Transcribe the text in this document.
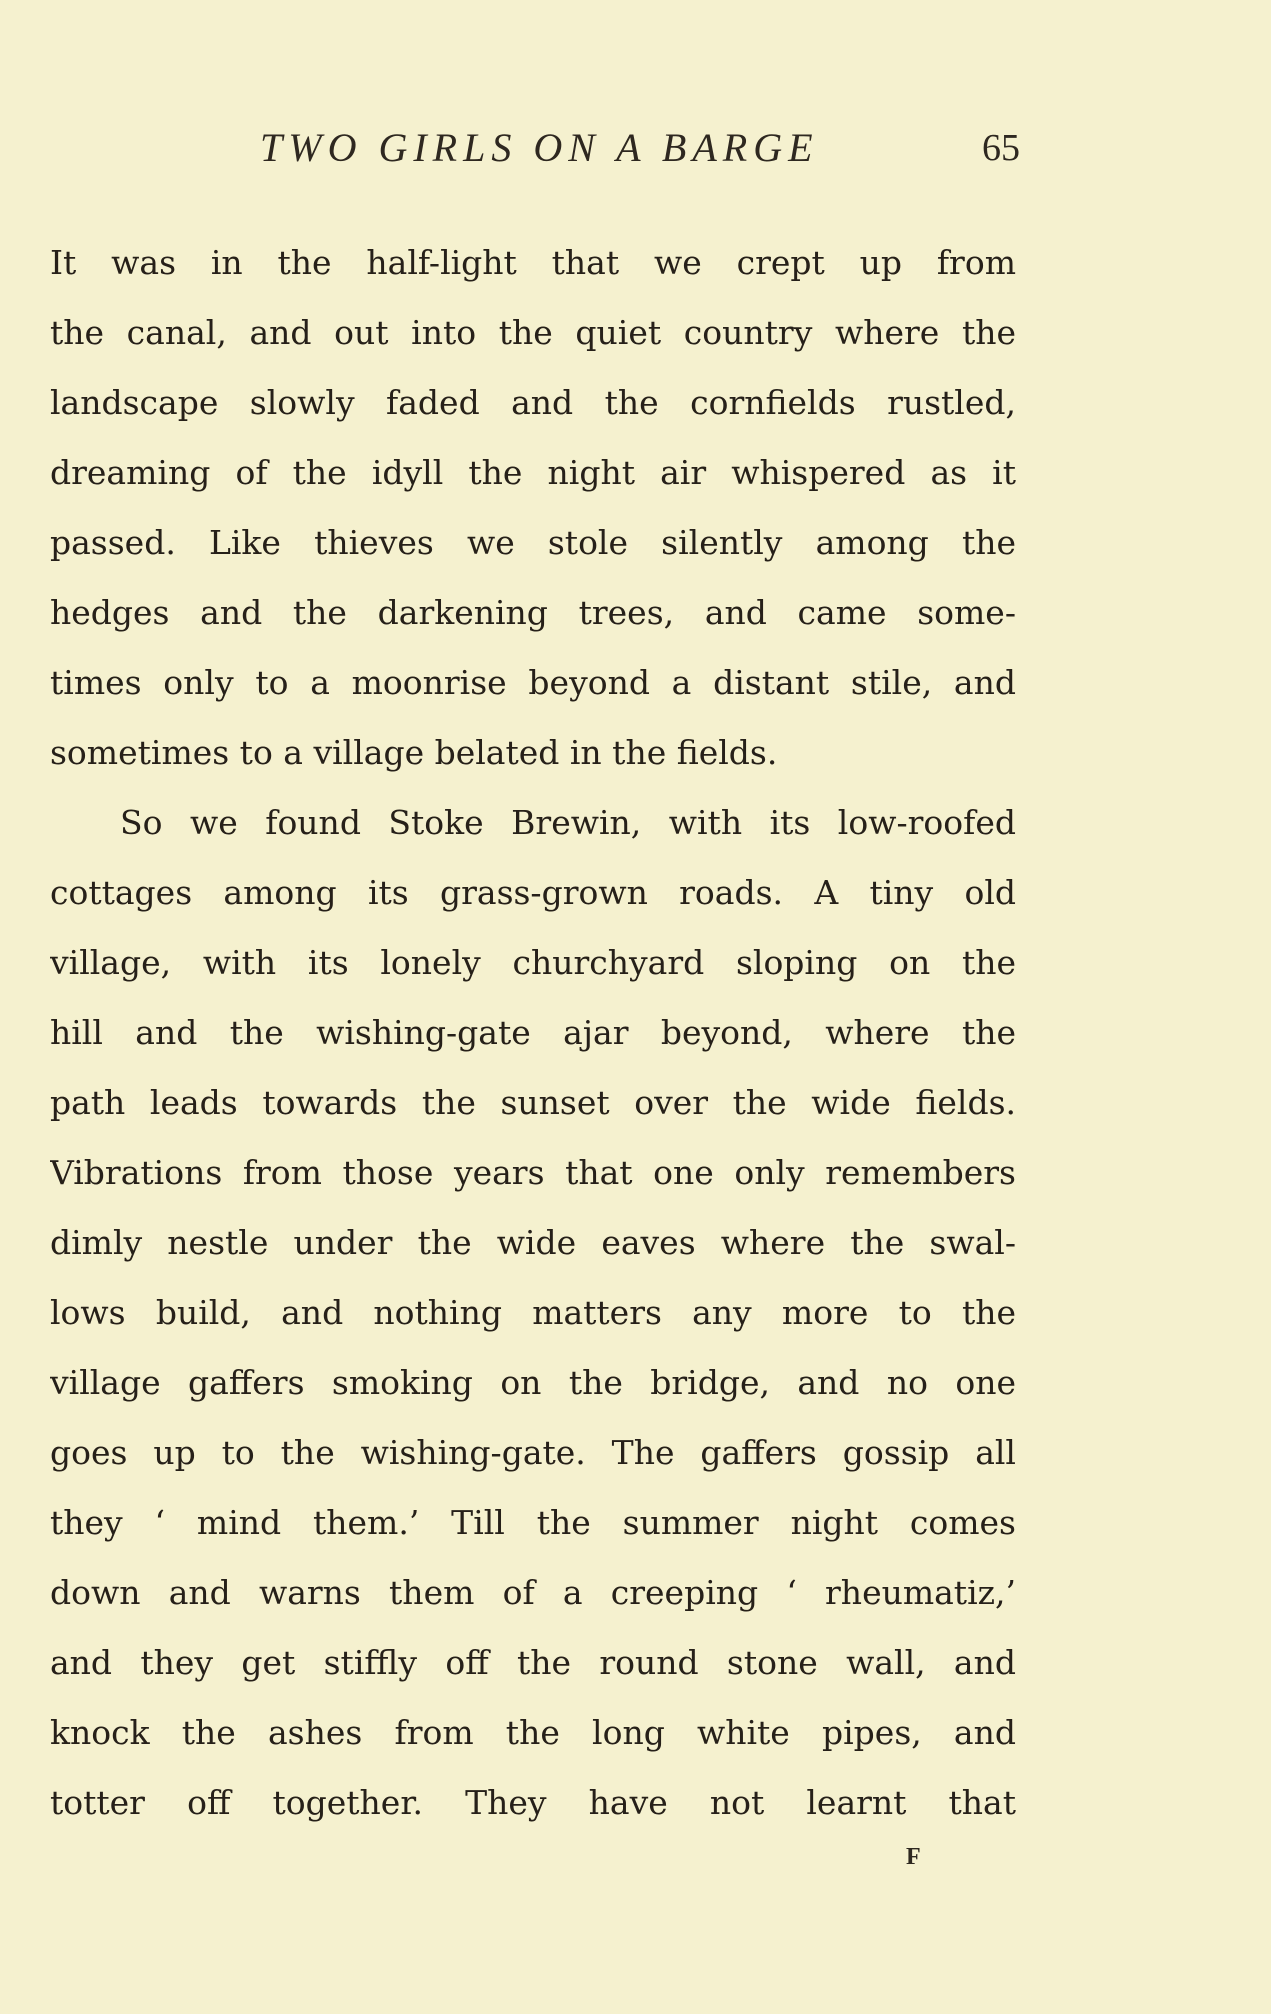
TWO GIRLS ON A BARGE	65
It was in the half-light that we crept up from
the canal, and out into the quiet country where the
landscape slowly faded and the cornfields rustled,
dreaming of the idyll the night air whispered as it
passed. Like thieves we stole silently among the
hedges and the darkening trees, and came some-
times only to a moonrise beyond a distant stile, and
sometimes to a village belated in the fields.
So we found Stoke Brewin, with its low-roofed
cottages among its grass-grown roads. A tiny old
village, with its lonely churchyard sloping on the
hill and the wishing-gate ajar beyond, where the
path leads towards the sunset over the wide fields.
Vibrations from those years that one only remembers
dimly nestle under the wide eaves where the swal-
lows build, and nothing matters any more to the
village gaffers smoking on the bridge, and no one
goes up to the wishing-gate. The gaffers gossip all
they ‘ mind them.’ Till the summer night comes
down and warns them of a creeping ‘ rheumatiz,’
and they get stiffly off the round stone wall, and
knock the ashes from the long white pipes, and
totter off together. They have not learnt that
F
